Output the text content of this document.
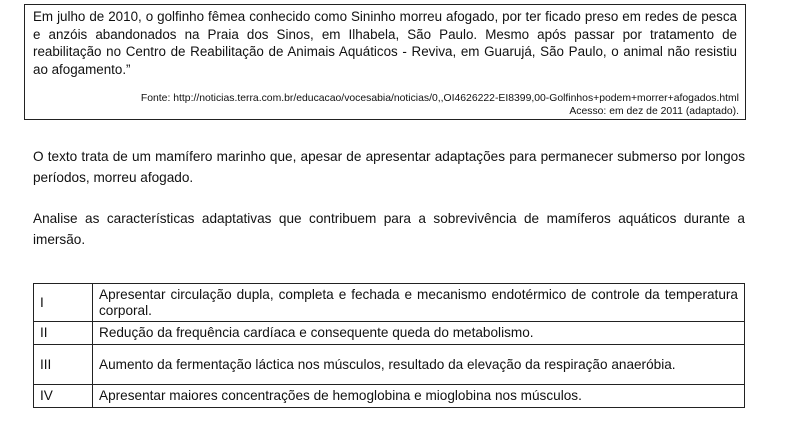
Em julho de 2010, o golfinho fêmea conhecido como Sininho morreu afogado, por ter ficado preso em redes de pesca e anzóis abandonados na Praia dos Sinos, em Ilhabela, São Paulo. Mesmo após passar por tratamento de reabilitação no Centro de Reabilitação de Animais Aquáticos - Reviva, em Guarujá, São Paulo, o animal não resistiu ao afogamento.”

Fonte: http://noticias.terra.com.br/educacao/vocesabia/noticias/0,,OI4626222-EI8399,00-Golfinhos+podem+morrer+afogados.html
Acesso: em dez de 2011 (adaptado).

O texto trata de um mamífero marinho que, apesar de apresentar adaptações para permanecer submerso por longos períodos, morreu afogado.

Analise as características adaptativas que contribuem para a sobrevivência de mamíferos aquáticos durante a imersão.

I	Apresentar circulação dupla, completa e fechada e mecanismo endotérmico de controle da temperatura corporal.
II	Redução da frequência cardíaca e consequente queda do metabolismo.
III	Aumento da fermentação láctica nos músculos, resultado da elevação da respiração anaeróbia.
IV	Apresentar maiores concentrações de hemoglobina e mioglobina nos músculos.
